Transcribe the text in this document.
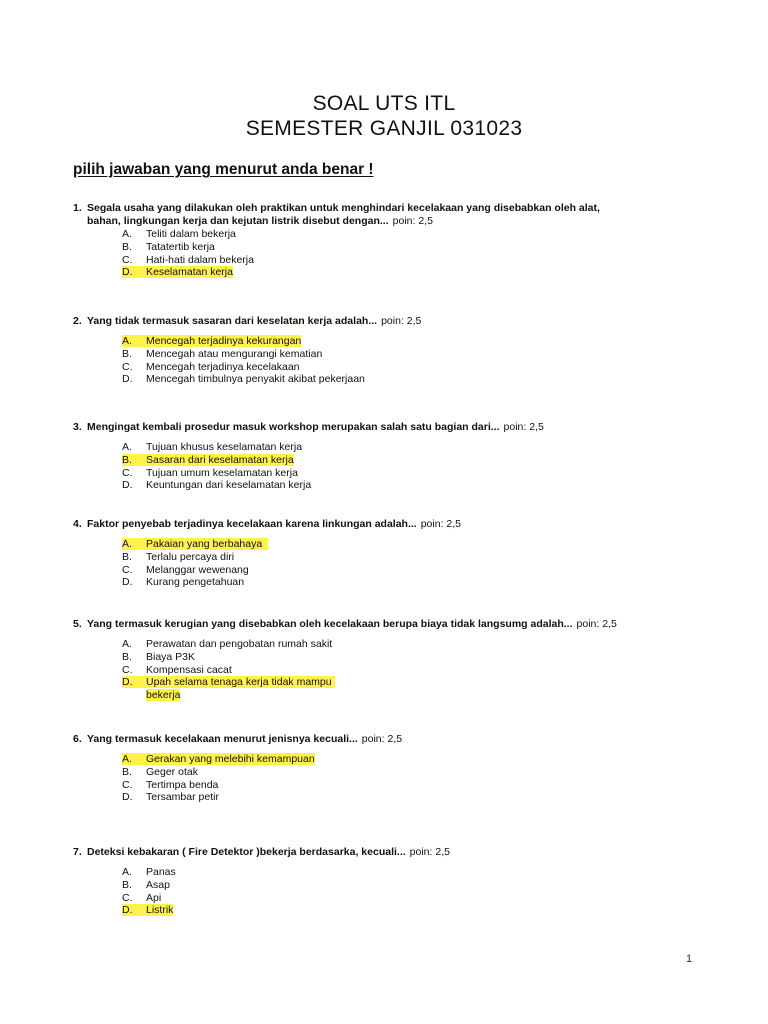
SOAL UTS ITL
SEMESTER GANJIL 031023
pilih jawaban yang menurut anda benar !
1. Segala usaha yang dilakukan oleh praktikan untuk menghindari kecelakaan yang disebabkan oleh alat,
bahan, lingkungan kerja dan kejutan listrik disebut dengan... poin: 2,5
A. Teliti dalam bekerja
B. Tatatertib kerja
C. Hati-hati dalam bekerja
D. Keselamatan kerja
2. Yang tidak termasuk sasaran dari keselatan kerja adalah... poin: 2,5
A. Mencegah terjadinya kekurangan
B. Mencegah atau mengurangi kematian
C. Mencegah terjadinya kecelakaan
D. Mencegah timbulnya penyakit akibat pekerjaan
3. Mengingat kembali prosedur masuk workshop merupakan salah satu bagian dari... poin: 2,5
A. Tujuan khusus keselamatan kerja
B. Sasaran dari keselamatan kerja
C. Tujuan umum keselamatan kerja
D. Keuntungan dari keselamatan kerja
4. Faktor penyebab terjadinya kecelakaan karena linkungan adalah... poin: 2,5
A. Pakaian yang berbahaya
B. Terlalu percaya diri
C. Melanggar wewenang
D. Kurang pengetahuan
5. Yang termasuk kerugian yang disebabkan oleh kecelakaan berupa biaya tidak langsumg adalah... poin: 2,5
A. Perawatan dan pengobatan rumah sakit
B. Biaya P3K
C. Kompensasi cacat
D. Upah selama tenaga kerja tidak mampu
bekerja
6. Yang termasuk kecelakaan menurut jenisnya kecuali... poin: 2,5
A. Gerakan yang melebihi kemampuan
B. Geger otak
C. Tertimpa benda
D. Tersambar petir
7. Deteksi kebakaran ( Fire Detektor )bekerja berdasarka, kecuali... poin: 2,5
A. Panas
B. Asap
C. Api
D. Listrik
1
